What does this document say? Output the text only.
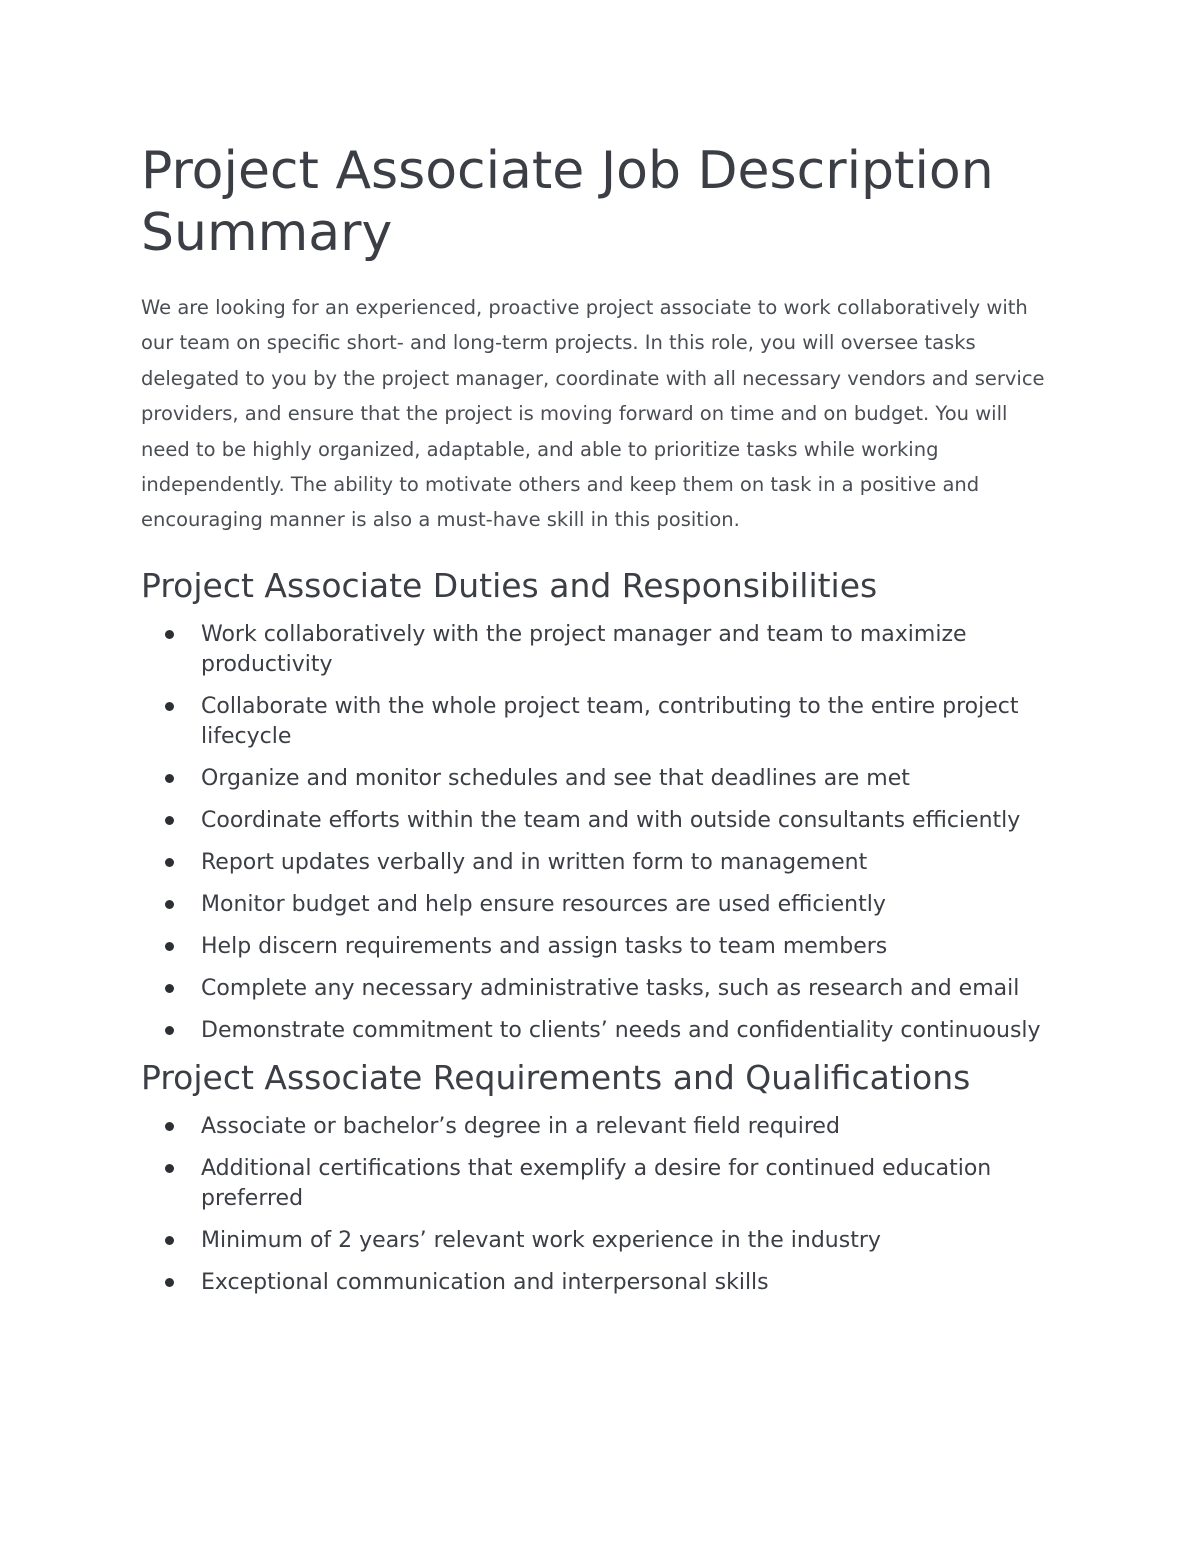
Project Associate Job Description Summary

We are looking for an experienced, proactive project associate to work collaboratively with our team on specific short- and long-term projects. In this role, you will oversee tasks delegated to you by the project manager, coordinate with all necessary vendors and service providers, and ensure that the project is moving forward on time and on budget. You will need to be highly organized, adaptable, and able to prioritize tasks while working independently. The ability to motivate others and keep them on task in a positive and encouraging manner is also a must-have skill in this position.

Project Associate Duties and Responsibilities
Work collaboratively with the project manager and team to maximize productivity
Collaborate with the whole project team, contributing to the entire project lifecycle
Organize and monitor schedules and see that deadlines are met
Coordinate efforts within the team and with outside consultants efficiently
Report updates verbally and in written form to management
Monitor budget and help ensure resources are used efficiently
Help discern requirements and assign tasks to team members
Complete any necessary administrative tasks, such as research and email
Demonstrate commitment to clients’ needs and confidentiality continuously
Project Associate Requirements and Qualifications
Associate or bachelor’s degree in a relevant field required
Additional certifications that exemplify a desire for continued education preferred
Minimum of 2 years’ relevant work experience in the industry
Exceptional communication and interpersonal skills
